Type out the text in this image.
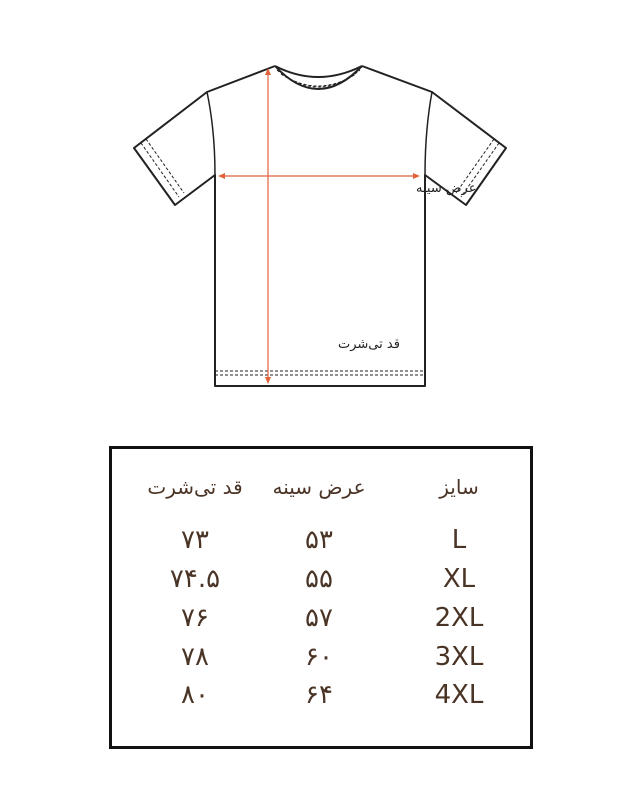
عرض سینه
قد تی‌شرت
سایز
L
XL
2XL
3XL
4XL
عرض سینه
۵۳
۵۵
۵۷
۶۰
۶۴
قد تی‌شرت
۷۳
۷۴.۵
۷۶
۷۸
۸۰
